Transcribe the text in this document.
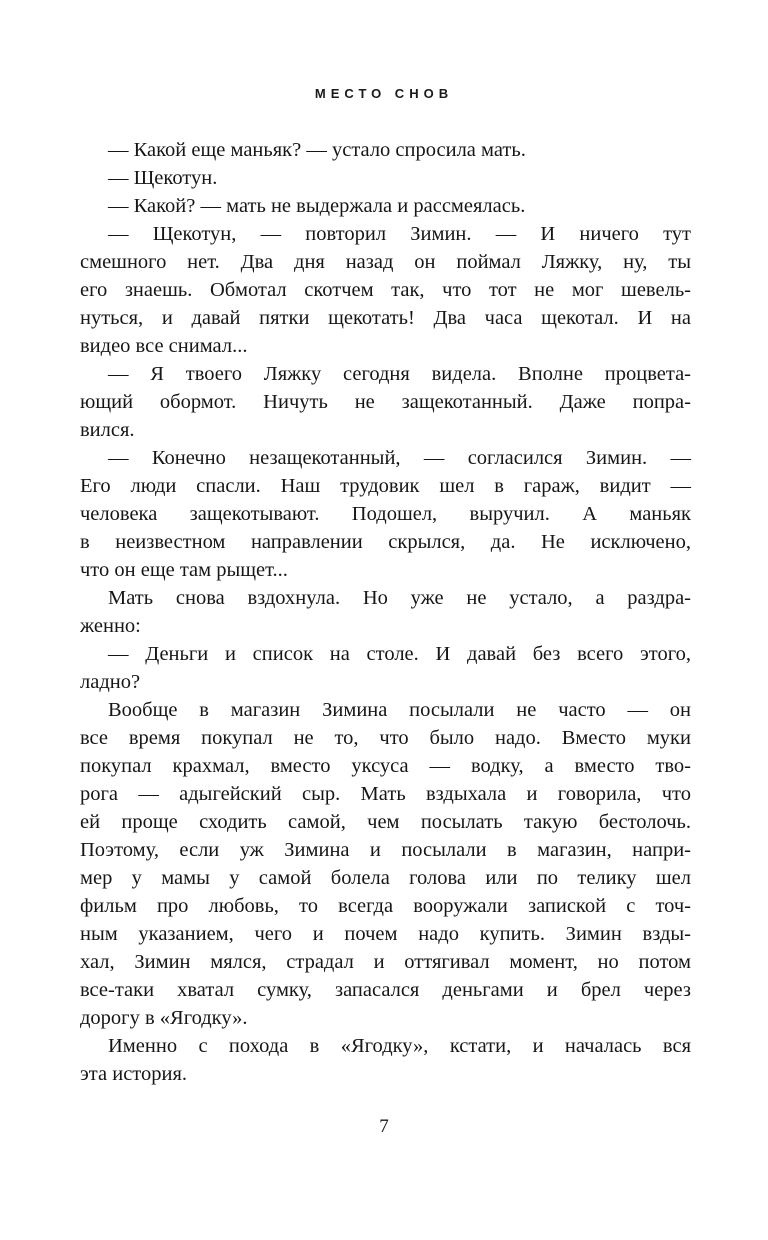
МЕСТО СНОВ
— Какой еще маньяк? — устало спросила мать.
— Щекотун.
— Какой? — мать не выдержала и рассмеялась.
— Щекотун, — повторил Зимин. — И ничего тут
смешного нет. Два дня назад он поймал Ляжку, ну, ты
его знаешь. Обмотал скотчем так, что тот не мог шевель-
нуться, и давай пятки щекотать! Два часа щекотал. И на
видео все снимал...
— Я твоего Ляжку сегодня видела. Вполне процвета-
ющий обормот. Ничуть не защекотанный. Даже попра-
вился.
— Конечно незащекотанный, — согласился Зимин. —
Его люди спасли. Наш трудовик шел в гараж, видит —
человека защекотывают. Подошел, выручил. А маньяк
в неизвестном направлении скрылся, да. Не исключено,
что он еще там рыщет...
Мать снова вздохнула. Но уже не устало, а раздра-
женно:
— Деньги и список на столе. И давай без всего этого,
ладно?
Вообще в магазин Зимина посылали не часто — он
все время покупал не то, что было надо. Вместо муки
покупал крахмал, вместо уксуса — водку, а вместо тво-
рога — адыгейский сыр. Мать вздыхала и говорила, что
ей проще сходить самой, чем посылать такую бестолочь.
Поэтому, если уж Зимина и посылали в магазин, напри-
мер у мамы у самой болела голова или по телику шел
фильм про любовь, то всегда вооружали запиской с точ-
ным указанием, чего и почем надо купить. Зимин взды-
хал, Зимин мялся, страдал и оттягивал момент, но потом
все-таки хватал сумку, запасался деньгами и брел через
дорогу в «Ягодку».
Именно с похода в «Ягодку», кстати, и началась вся
эта история.
7
